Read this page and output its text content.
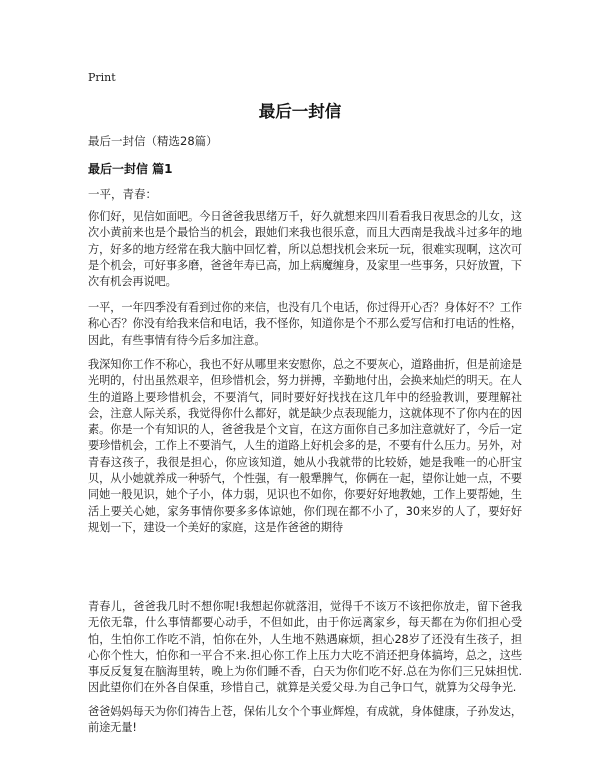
Print
最后一封信
最后一封信（精选28篇）
最后一封信 篇1
一平，青春：

你们好，见信如面吧。今日爸爸我思绪万千，好久就想来四川看看我日夜思念的儿女，这次小黄前来也是个最恰当的机会，跟她们来我也很乐意，而且大西南是我战斗过多年的地方，好多的地方经常在我大脑中回忆着，所以总想找机会来玩一玩，很难实现啊，这次可是个机会，可好事多磨，爸爸年寿已高，加上病魔缠身，及家里一些事务，只好放置，下次有机会再说吧。

一平，一年四季没有看到过你的来信，也没有几个电话，你过得开心否？身体好不？工作称心否？你没有给我来信和电话，我不怪你，知道你是个不那么爱写信和打电话的性格，因此，有些事情有待今后多加注意。

我深知你工作不称心，我也不好从哪里来安慰你，总之不要灰心，道路曲折，但是前途是光明的，付出虽然艰辛，但珍惜机会，努力拼搏，辛勤地付出，会换来灿烂的明天。在人生的道路上要珍惜机会，不要消气，同时要好好找找在这几年中的经验教训，要理解社会，注意人际关系，我觉得你什么都好，就是缺少点表现能力，这就体现不了你内在的因素。你是一个有知识的人，爸爸我是个文盲，在这方面你自己多加注意就好了，今后一定要珍惜机会，工作上不要消气，人生的道路上好机会多的是，不要有什么压力。另外，对青春这孩子，我很是担心，你应该知道，她从小我就带的比较娇，她是我唯一的心肝宝贝，从小她就养成一种骄气，个性强，有一般犟脾气，你俩在一起，望你让她一点，不要同她一般见识，她个子小，体力弱，见识也不如你，你要好好地教她，工作上要帮她，生活上要关心她，家务事情你要多多体谅她，你们现在都不小了，30来岁的人了，要好好规划一下，建设一个美好的家庭，这是作爸爸的期待

青春儿，爸爸我几时不想你呢!我想起你就落泪，觉得千不该万不该把你放走，留下爸我无依无靠，什么事情都要心动手，不但如此，由于你远离家乡，每天都在为你们担心受怕，生怕你工作吃不消，怕你在外，人生地不熟遇麻烦，担心28岁了还没有生孩子，担心你个性大，怕你和一平合不来.担心你工作上压力大吃不消还把身体搞垮，总之，这些事反反复复在脑海里转，晚上为你们睡不香，白天为你们吃不好.总在为你们三兄妹担忧.因此望你们在外各自保重，珍惜自己，就算是关爱父母.为自己争口气，就算为父母争光.

爸爸妈妈每天为你们祷告上苍，保佑儿女个个事业辉煌，有成就，身体健康，子孙发达，前途无量!
